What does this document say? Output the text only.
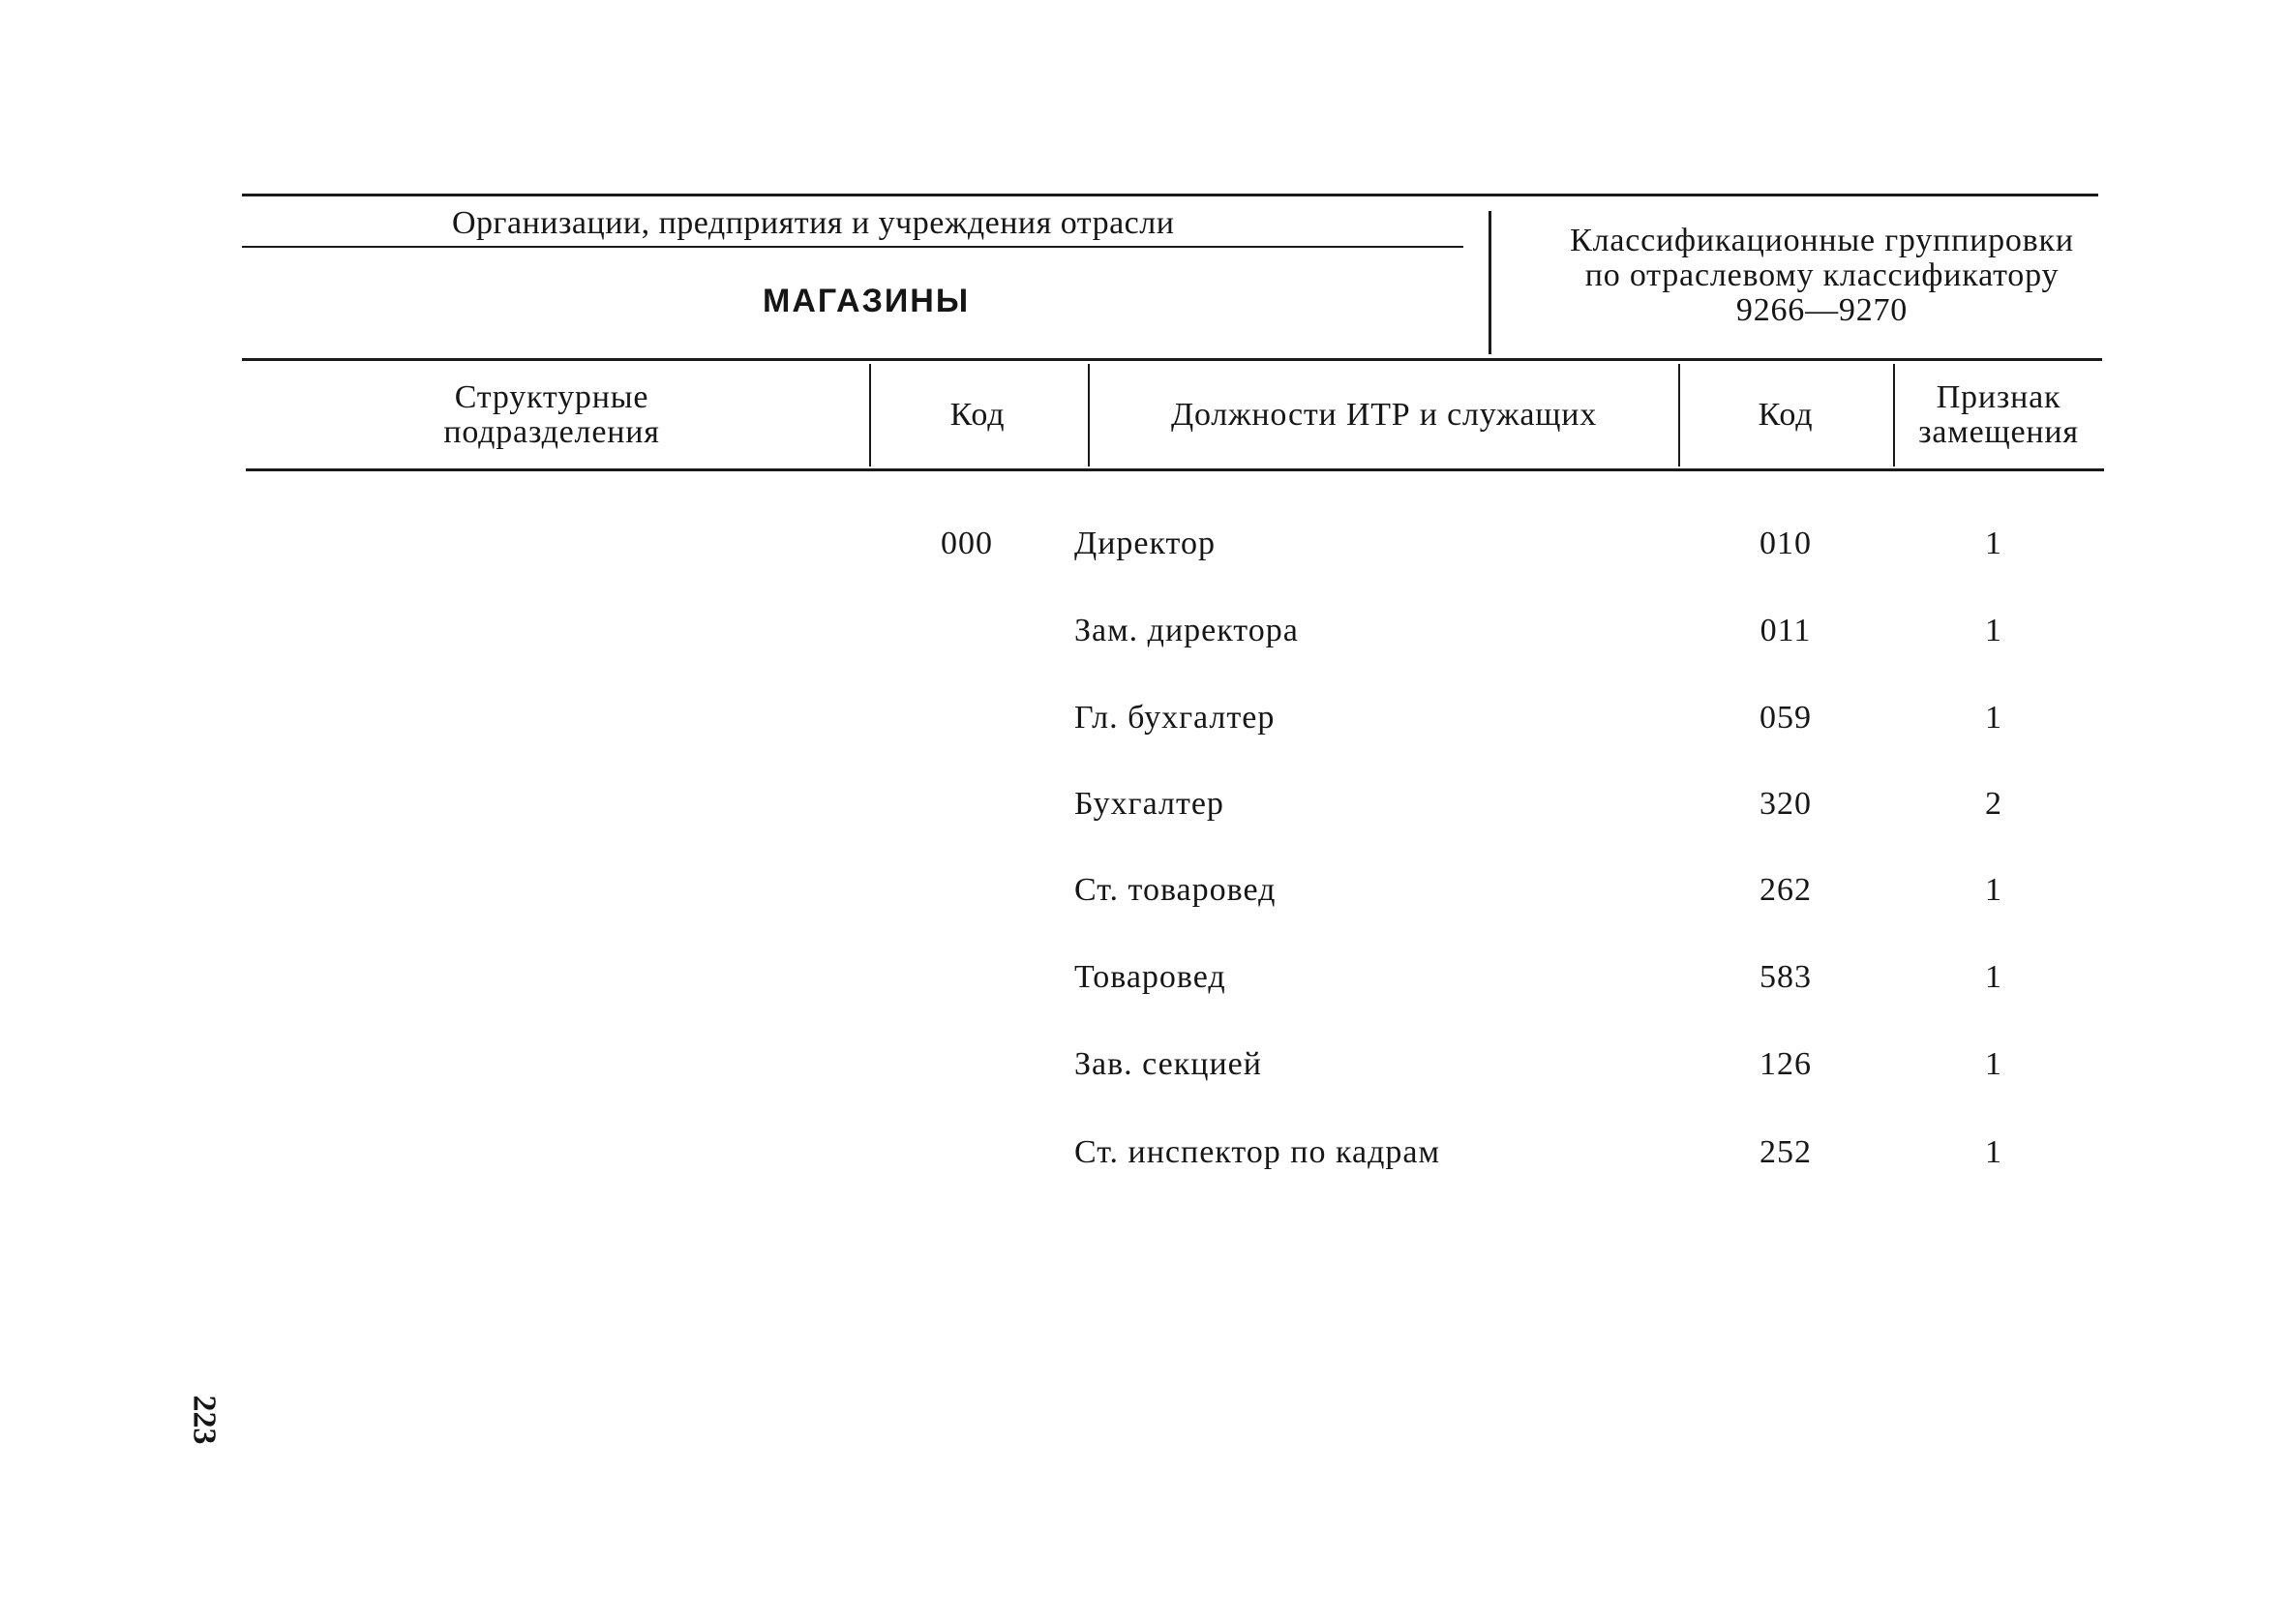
Организации, предприятия и учреждения отрасли
МАГАЗИНЫ
Классификационные группировки
по отраслевому классификатору
9266—9270
Структурные
подразделения	Код	Должности ИТР и служащих	Код	Признак
замещения
000 Директор	010	1
Зам. директора	011	1
Гл. бухгалтер	059	1
Бухгалтер	320	2
Ст. товаровед	262	1
Товаровед	583	1
Зав. секцией	126	1
Ст. инспектор по кадрам	252	1
223
